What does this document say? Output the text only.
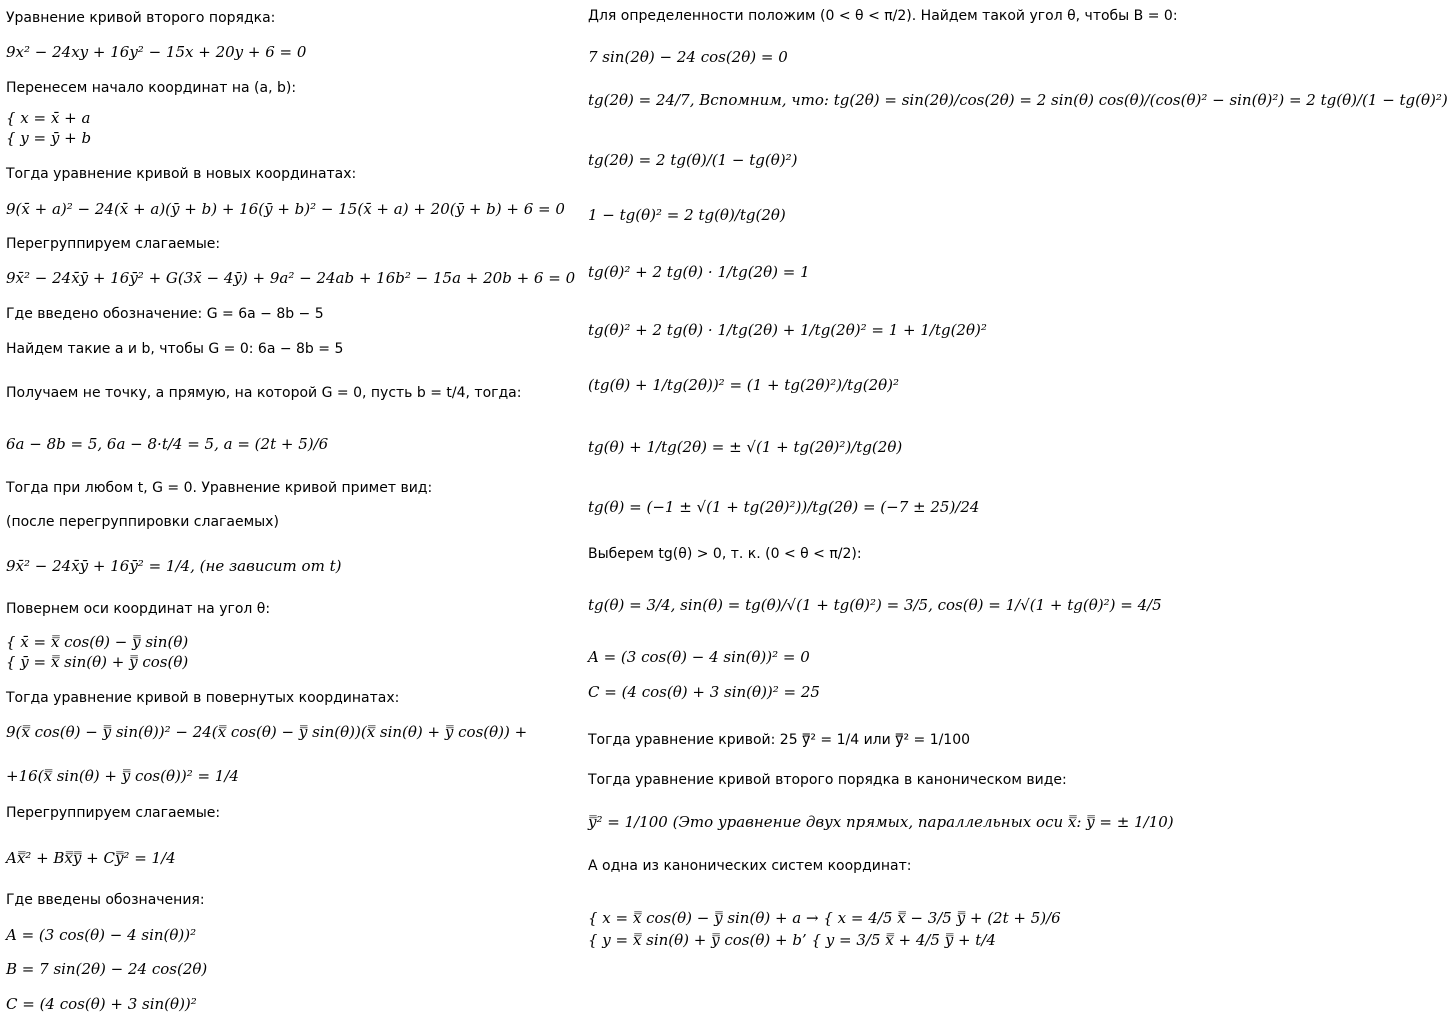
Уравнение кривой второго порядка:
9x² − 24xy + 16y² − 15x + 20y + 6 = 0
Перенесем начало координат на (a, b):
{ x = x̄ + a
{ y = ȳ + b
Тогда уравнение кривой в новых координатах:
9(x̄ + a)² − 24(x̄ + a)(ȳ + b) + 16(ȳ + b)² − 15(x̄ + a) + 20(ȳ + b) + 6 = 0
Перегруппируем слагаемые:
9x̄² − 24x̄ȳ + 16ȳ² + G(3x̄ − 4ȳ) + 9a² − 24ab + 16b² − 15a + 20b + 6 = 0
Где введено обозначение: G = 6a − 8b − 5
Найдем такие a и b, чтобы G = 0: 6a − 8b = 5
Получаем не точку, а прямую, на которой G = 0, пусть b = t/4, тогда:
6a − 8b = 5, 6a − 8·t/4 = 5, a = (2t + 5)/6
Тогда при любом t, G = 0. Уравнение кривой примет вид:
(после перегруппировки слагаемых)
9x̄² − 24x̄ȳ + 16ȳ² = 1/4, (не зависит от t)
Повернем оси координат на угол θ:
{ x̄ = x̿ cos(θ) − y̿ sin(θ)
{ ȳ = x̿ sin(θ) + y̿ cos(θ)
Тогда уравнение кривой в повернутых координатах:
9(x̿ cos(θ) − y̿ sin(θ))² − 24(x̿ cos(θ) − y̿ sin(θ))(x̿ sin(θ) + y̿ cos(θ)) +
+16(x̿ sin(θ) + y̿ cos(θ))² = 1/4
Перегруппируем слагаемые:
Ax̿² + Bx̿y̿ + Cy̿² = 1/4
Где введены обозначения:
A = (3 cos(θ) − 4 sin(θ))²
B = 7 sin(2θ) − 24 cos(2θ)
C = (4 cos(θ) + 3 sin(θ))²
Для определенности положим (0 < θ < π/2). Найдем такой угол θ, чтобы B = 0:
7 sin(2θ) − 24 cos(2θ) = 0
tg(2θ) = 24/7, Вспомним, что: tg(2θ) = sin(2θ)/cos(2θ) = 2 sin(θ) cos(θ)/(cos(θ)² − sin(θ)²) = 2 tg(θ)/(1 − tg(θ)²)
tg(2θ) = 2 tg(θ)/(1 − tg(θ)²)
1 − tg(θ)² = 2 tg(θ)/tg(2θ)
tg(θ)² + 2 tg(θ) · 1/tg(2θ) = 1
tg(θ)² + 2 tg(θ) · 1/tg(2θ) + 1/tg(2θ)² = 1 + 1/tg(2θ)²
(tg(θ) + 1/tg(2θ))² = (1 + tg(2θ)²)/tg(2θ)²
tg(θ) + 1/tg(2θ) = ± √(1 + tg(2θ)²)/tg(2θ)
tg(θ) = (−1 ± √(1 + tg(2θ)²))/tg(2θ) = (−7 ± 25)/24
Выберем tg(θ) > 0, т. к. (0 < θ < π/2):
tg(θ) = 3/4, sin(θ) = tg(θ)/√(1 + tg(θ)²) = 3/5, cos(θ) = 1/√(1 + tg(θ)²) = 4/5
A = (3 cos(θ) − 4 sin(θ))² = 0
C = (4 cos(θ) + 3 sin(θ))² = 25
Тогда уравнение кривой: 25 y̿² = 1/4 или y̿² = 1/100
Тогда уравнение кривой второго порядка в каноническом виде:
y̿² = 1/100 (Это уравнение двух прямых, параллельных оси x̿: y̿ = ± 1/10)
А одна из канонических систем координат:
{ x = x̿ cos(θ) − y̿ sin(θ) + a → { x = 4/5 x̿ − 3/5 y̿ + (2t + 5)/6
{ y = x̿ sin(θ) + y̿ cos(θ) + b’ { y = 3/5 x̿ + 4/5 y̿ + t/4
